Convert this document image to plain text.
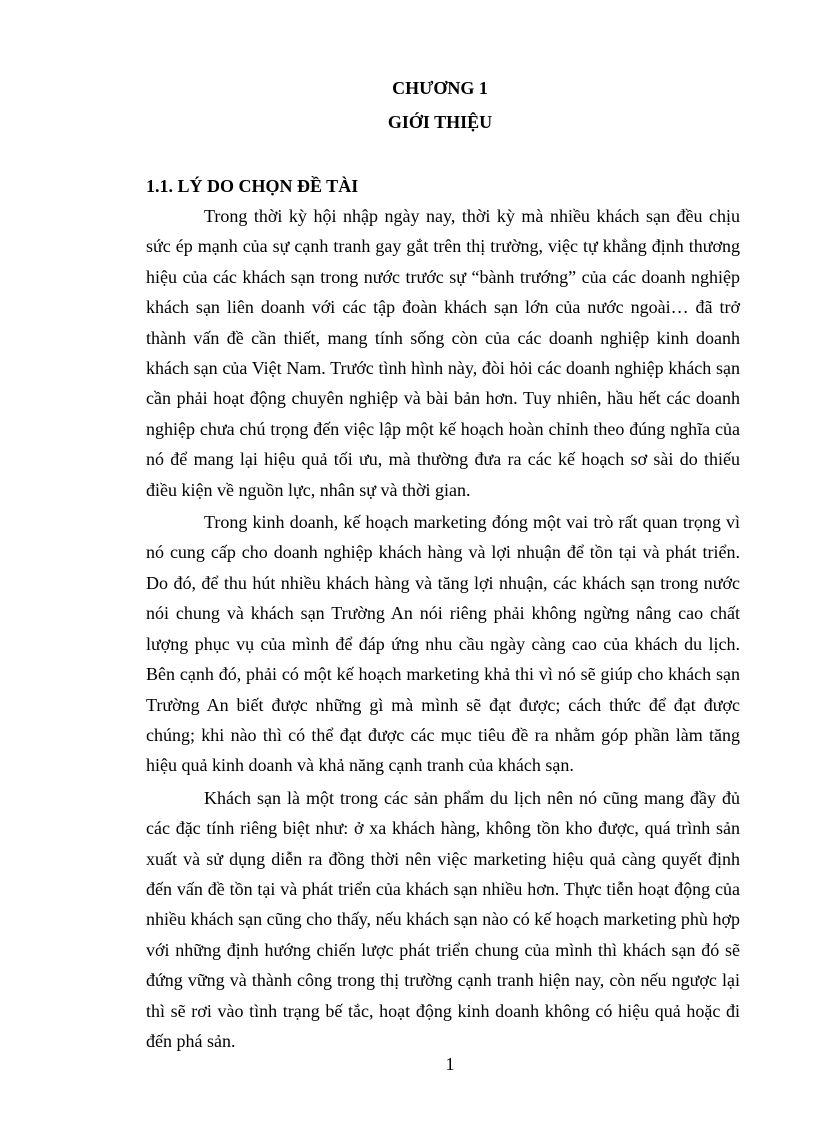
CHƯƠNG 1
GIỚI THIỆU
1.1. LÝ DO CHỌN ĐỀ TÀI

Trong thời kỳ hội nhập ngày nay, thời kỳ mà nhiều khách sạn đều chịu sức ép mạnh của sự cạnh tranh gay gắt trên thị trường, việc tự khẳng định thương hiệu của các khách sạn trong nước trước sự “bành trướng” của các doanh nghiệp khách sạn liên doanh với các tập đoàn khách sạn lớn của nước ngoài… đã trở thành vấn đề cần thiết, mang tính sống còn của các doanh nghiệp kinh doanh khách sạn của Việt Nam. Trước tình hình này, đòi hỏi các doanh nghiệp khách sạn cần phải hoạt động chuyên nghiệp và bài bản hơn. Tuy nhiên, hầu hết các doanh nghiệp chưa chú trọng đến việc lập một kế hoạch hoàn chỉnh theo đúng nghĩa của nó để mang lại hiệu quả tối ưu, mà thường đưa ra các kế hoạch sơ sài do thiếu điều kiện về nguồn lực, nhân sự và thời gian.

Trong kinh doanh, kế hoạch marketing đóng một vai trò rất quan trọng vì nó cung cấp cho doanh nghiệp khách hàng và lợi nhuận để tồn tại và phát triển. Do đó, để thu hút nhiều khách hàng và tăng lợi nhuận, các khách sạn trong nước nói chung và khách sạn Trường An nói riêng phải không ngừng nâng cao chất lượng phục vụ của mình để đáp ứng nhu cầu ngày càng cao của khách du lịch. Bên cạnh đó, phải có một kế hoạch marketing khả thi vì nó sẽ giúp cho khách sạn Trường An biết được những gì mà mình sẽ đạt được; cách thức để đạt được chúng; khi nào thì có thể đạt được các mục tiêu đề ra nhằm góp phần làm tăng hiệu quả kinh doanh và khả năng cạnh tranh của khách sạn.

Khách sạn là một trong các sản phẩm du lịch nên nó cũng mang đầy đủ các đặc tính riêng biệt như: ở xa khách hàng, không tồn kho được, quá trình sản xuất và sử dụng diễn ra đồng thời nên việc marketing hiệu quả càng quyết định đến vấn đề tồn tại và phát triển của khách sạn nhiều hơn. Thực tiễn hoạt động của nhiều khách sạn cũng cho thấy, nếu khách sạn nào có kế hoạch marketing phù hợp với những định hướng chiến lược phát triển chung của mình thì khách sạn đó sẽ đứng vững và thành công trong thị trường cạnh tranh hiện nay, còn nếu ngược lại thì sẽ rơi vào tình trạng bế tắc, hoạt động kinh doanh không có hiệu quả hoặc đi đến phá sản.

1
